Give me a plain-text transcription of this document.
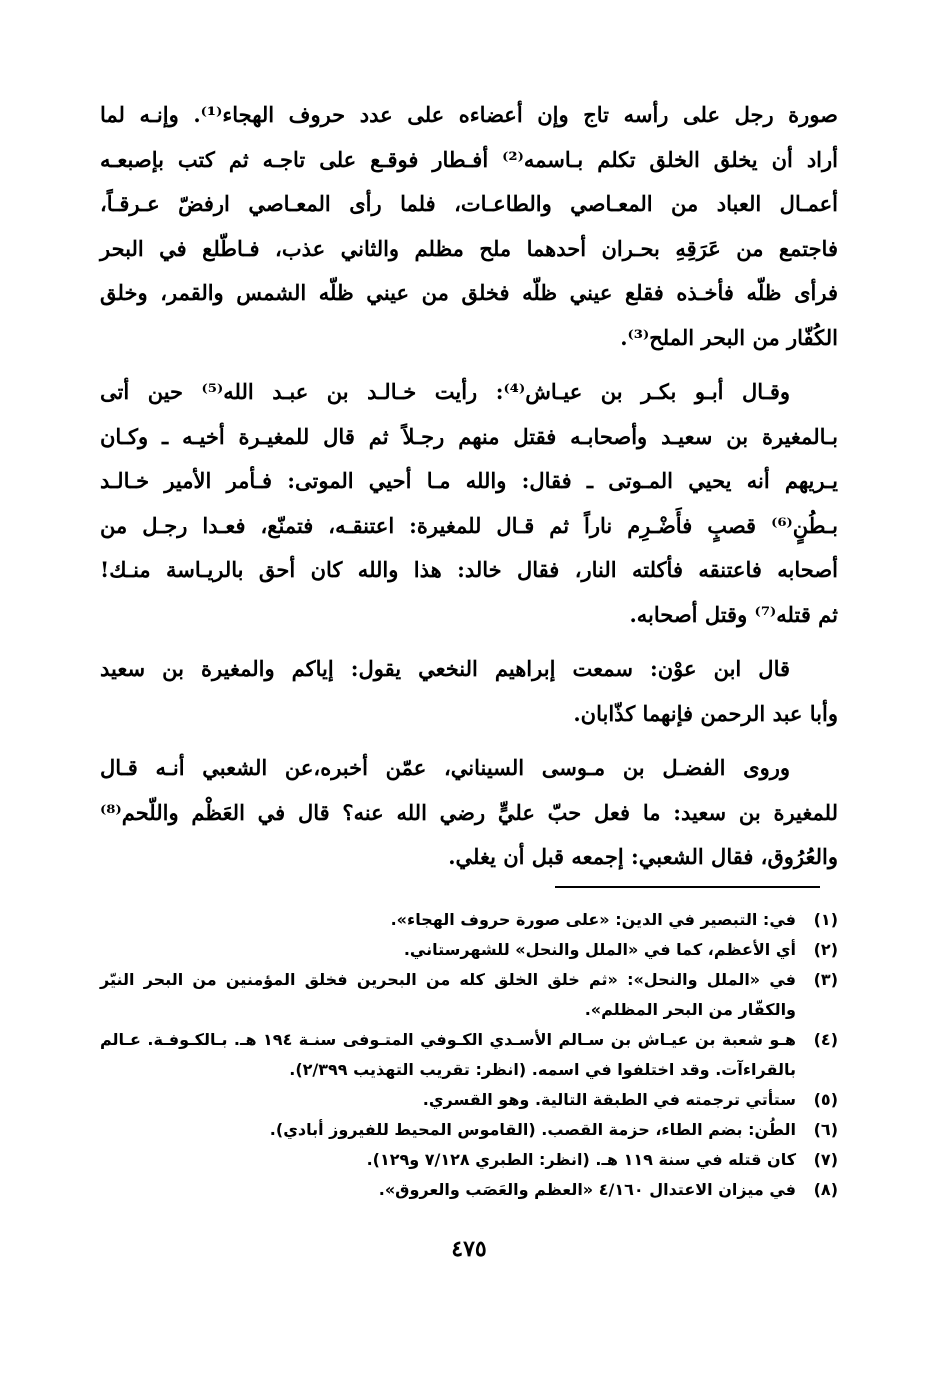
صورة رجل على رأسه تاج وإن أعضاءه على عدد حروف الهجاء⁽¹⁾. وإنـه لما
أراد أن يخلق الخلق تكلم بـاسمه⁽²⁾ أفـطار فوقـع على تاجـه ثم كتب بإصبعـه
أعمـال العباد من المعـاصي والطاعـات، فلما رأى المعـاصي ارفضّ عـرقـاً،
فاجتمع من عَرَقِهِ بحـران أحدهما ملح مظلم والثاني عذب، فـاطّلع في البحر
فرأى ظلّه فأخـذه فقلع عيني ظلّه فخلق من عيني ظلّه الشمس والقمر، وخلق
الكُفّار من البحر الملح⁽³⁾.

وقـال أبـو بكـر بن عيـاش⁽⁴⁾: رأيت خـالـد بن عبـد الله⁽⁵⁾ حين أتى
بـالمغيرة بن سعيـد وأصحابـه فقتل منهم رجـلاً ثم قال للمغيـرة أخيـه ـ وكـان
يـريهم أنه يحيي المـوتى ـ فقال: والله مـا أحيي الموتى: فـأمر الأمير خـالـد
بـطُنٍ⁽⁶⁾ قصبٍ فأَضْـرِم ناراً ثم قـال للمغيرة: اعتنقـه، فتمنّع، فعـدا رجـل من
أصحابه فاعتنقه فأكلته النار، فقال خالد: هذا والله كان أحق بالريـاسة منـك!
ثم قتله⁽⁷⁾ وقتل أصحابه.

قال ابن عوْن: سمعت إبراهيم النخعي يقول: إياكم والمغيرة بن سعيد
وأبا عبد الرحمن فإنهما كذّابان.

وروى الفضـل بن مـوسى السيناني، عمّن أخبره،عن الشعبي أنـه قـال
للمغيرة بن سعيد: ما فعل حبّ عليٍّ رضي الله عنه؟ قال في العَظْم واللّحم⁽⁸⁾
والعُرُوق، فقال الشعبي: إجمعه قبل أن يغلي.

(١)
في: التبصير في الدين: «على صورة حروف الهجاء».
(٢)
أي الأعظم، كما في «الملل والنحل» للشهرستاني.
(٣)
في «الملل والنحل»: «ثم خلق الخلق كله من البحرين فخلق المؤمنين من البحر النيّر والكفّار من البحر المظلم».
(٤)
هـو شعبة بن عيـاش بن سـالم الأسـدي الكـوفي المتـوفى سنـة ١٩٤ هـ. بـالكـوفـة. عـالم بالقراءآت. وقد اختلفوا في اسمه. (انظر: تقريب التهذيب ٢/٣٩٩).
(٥)
ستأتي ترجمته في الطبقة التالية. وهو القسري.
(٦)
الطُن: بضم الطاء، حزمة القصب. (القاموس المحيط للفيروز أبادي).
(٧)
كان قتله في سنة ١١٩ هـ. (انظر: الطبري ٧/١٢٨ و١٢٩).
(٨)
في ميزان الاعتدال ٤/١٦٠ «العظم والعَصَب والعروق».
٤٧٥
